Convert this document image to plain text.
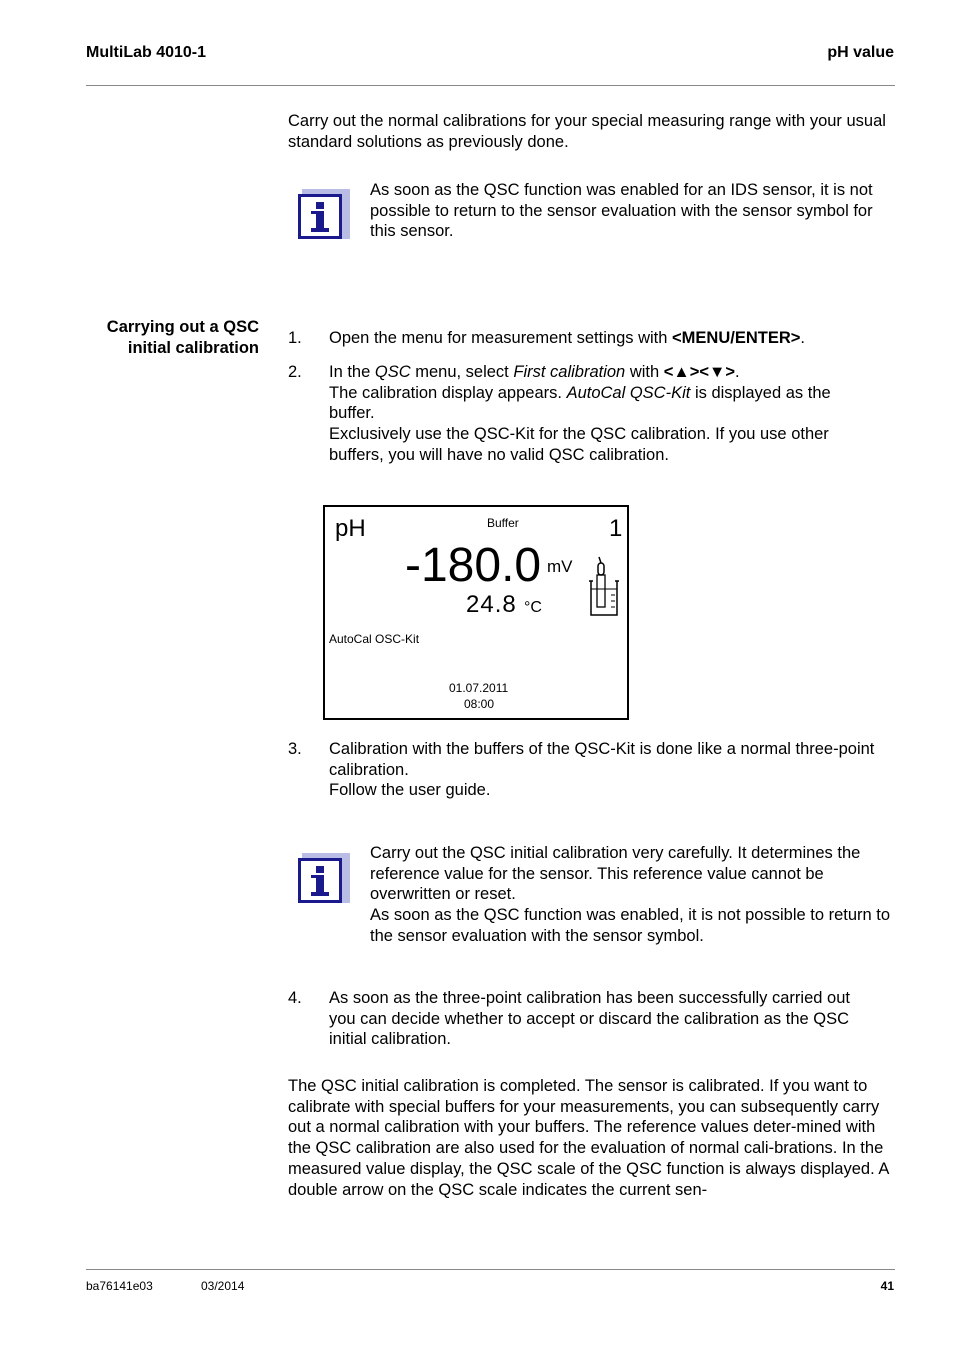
MultiLab 4010-1	pH value
Carry out the normal calibrations for your special measuring range with your usual standard solutions as previously done.
As soon as the QSC function was enabled for an IDS sensor, it is not possible to return to the sensor evaluation with the sensor symbol for this sensor.
Carrying out a QSC
initial calibration
1. Open the menu for measurement settings with <MENU/ENTER>.
2. In the QSC menu, select First calibration with <▲><▼>.
The calibration display appears. AutoCal QSC-Kit is displayed as the buffer.
Exclusively use the QSC-Kit for the QSC calibration. If you use other buffers, you will have no valid QSC calibration.
pH	Buffer	1
-180.0 mV
24.8 °C
AutoCal OSC-Kit
01.07.2011
08:00
3. Calibration with the buffers of the QSC-Kit is done like a normal three-point calibration.
Follow the user guide.
Carry out the QSC initial calibration very carefully. It determines the reference value for the sensor. This reference value cannot be overwritten or reset.
As soon as the QSC function was enabled, it is not possible to return to the sensor evaluation with the sensor symbol.
4. As soon as the three-point calibration has been successfully carried out you can decide whether to accept or discard the calibration as the QSC initial calibration.
The QSC initial calibration is completed. The sensor is calibrated. If you want to calibrate with special buffers for your measurements, you can subsequently carry out a normal calibration with your buffers. The reference values deter-mined with the QSC calibration are also used for the evaluation of normal cali-brations. In the measured value display, the QSC scale of the QSC function is always displayed. A double arrow on the QSC scale indicates the current sen-
ba76141e03	03/2014	41
